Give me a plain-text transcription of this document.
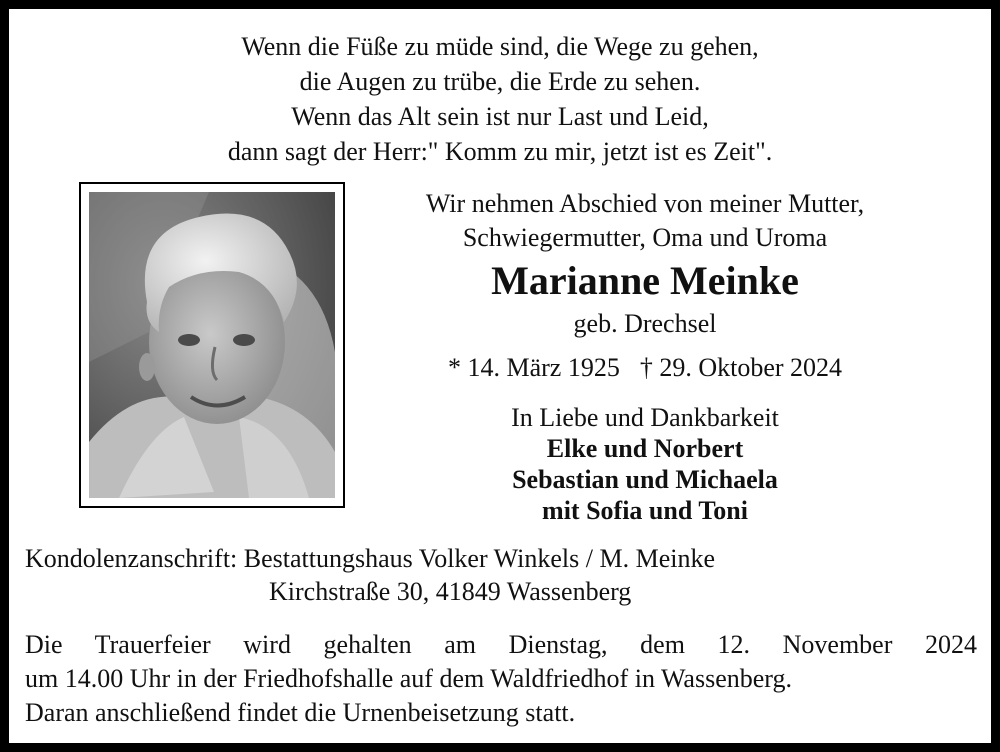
Wenn die Füße zu müde sind, die Wege zu gehen,
die Augen zu trübe, die Erde zu sehen.
Wenn das Alt sein ist nur Last und Leid,
dann sagt der Herr:" Komm zu mir, jetzt ist es Zeit".
Wir nehmen Abschied von meiner Mutter,
Schwiegermutter, Oma und Uroma
Marianne Meinke
geb. Drechsel
* 14. März 1925 † 29. Oktober 2024
In Liebe und Dankbarkeit
Elke und Norbert
Sebastian und Michaela
mit Sofia und Toni
Kondolenzanschrift: Bestattungshaus Volker Winkels / M. Meinke
Kirchstraße 30, 41849 Wassenberg
Die Trauerfeier wird gehalten am Dienstag, dem 12. November 2024
um 14.00 Uhr in der Friedhofshalle auf dem Waldfriedhof in Wassenberg.
Daran anschließend findet die Urnenbeisetzung statt.
